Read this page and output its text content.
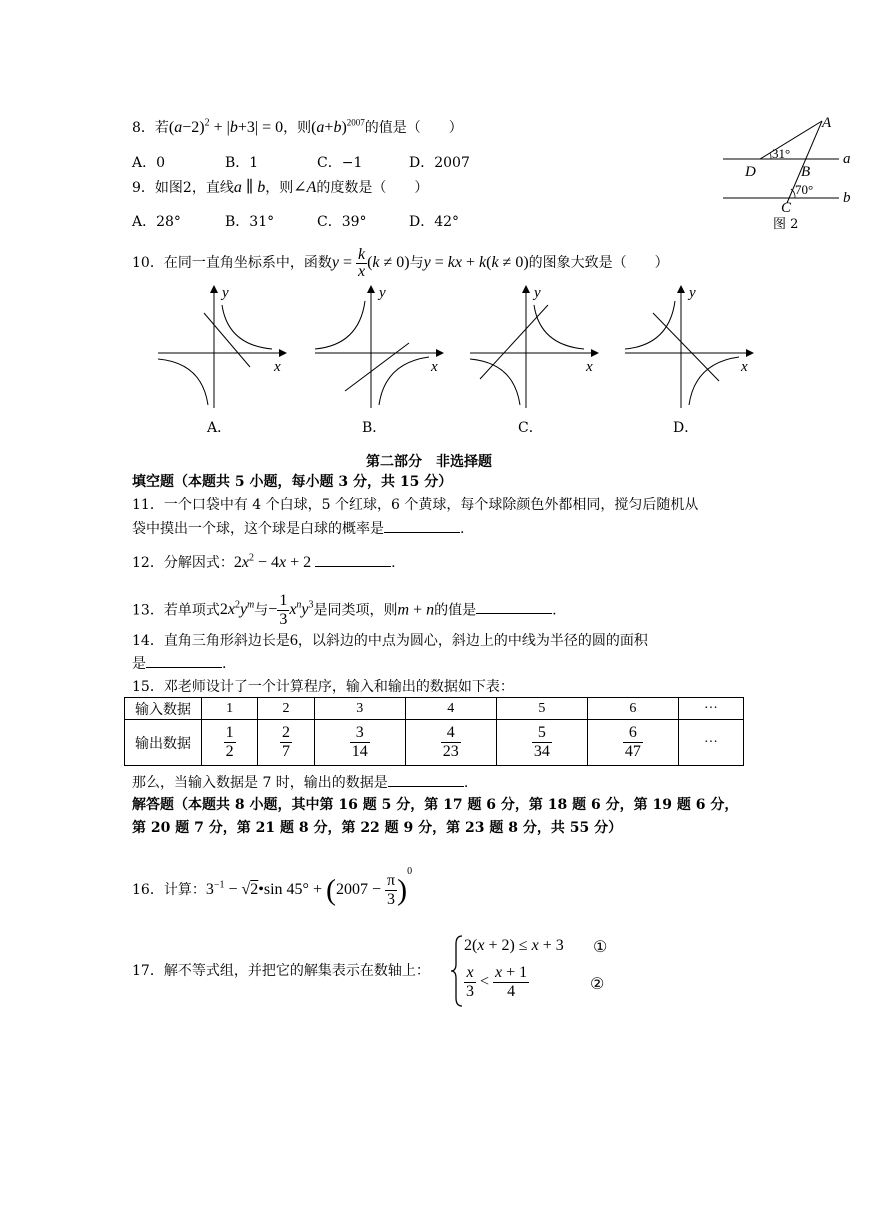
8．若$(a-2)^2 + |b+3| = 0$，则$(a+b)^{2007}$的值是（　　）
A．0	B．1	C．−1	D．2007
9．如图2，直线a ∥ b，则∠A的度数是（　　）
A．28°	B．31°	C．39°	D．42°
A
a
b
D	B
C
31°
70°
图 2
10．在同一直角坐标系中，函数$y = \frac{k}{x} (k \ne 0)$与y = kx + k(k ≠ 0)的图象大致是（　　）
y
x
A．
y
x
B．
y
x
C．
y
x
D．
第二部分　非选择题
填空题（本题共 5 小题，每小题 3 分，共 15 分）
11．一个口袋中有 4 个白球，5 个红球，6 个黄球，每个球除颜色外都相同，搅匀后随机从
袋中摸出一个球，这个球是白球的概率是	.
12．分解因式：$2x^2 - 4x + 2$	.
13．若单项式$2x^2y^m$与− $\frac{1}{3} x^ny^3$是同类项，则m + n的值是	.
14．直角三角形斜边长是6，以斜边的中点为圆心，斜边上的中线为半径的圆的面积
是	.
15．邓老师设计了一个计算程序，输入和输出的数据如下表：
输入数据	1	2	3	4	5	6	···
输出数据	$\frac{1}{2}$	$\frac{2}{7}$	$\frac{3}{14}$	$\frac{4}{23}$	$\frac{5}{34}$	$\frac{6}{47}$	···
那么，当输入数据是 7 时，输出的数据是	.
解答题（本题共 8 小题，其中第 16 题 5 分，第 17 题 6 分，第 18 题 6 分，第 19 题 6 分，
第 20 题 7 分，第 21 题 8 分，第 22 题 9 分，第 23 题 8 分，共 55 分）
16．计算：$3^{-1}$ − √2•sin $45^\circ + (2007 - \frac{\pi}{3} )^0$
17．解不等式组，并把它的解集表示在数轴上：
2(x + 2) ≤ x + 3 ①
$\frac{x}{3} < \frac{x + 1}{4}$	②
